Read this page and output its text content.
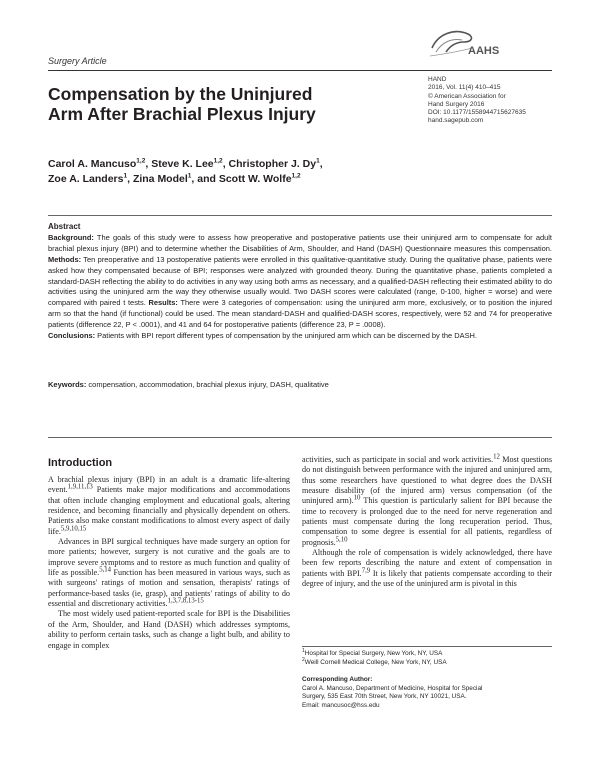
Surgery Article
AAHS
Compensation by the Uninjured
Arm After Brachial Plexus Injury
HAND
2016, Vol. 11(4) 410–415
© American Association for
Hand Surgery 2016
DOI: 10.1177/1558944715627635
hand.sagepub.com
Carol A. Mancuso$^{1,2}$, Steve K. Lee$^{1,2}$, Christopher J. Dy$^1$,
Zoe A. Landers$^1$, Zina Model$^1$, and Scott W. Wolfe$^{1,2}$
Abstract
Background: The goals of this study were to assess how preoperative and postoperative patients use their uninjured arm to compensate for adult brachial plexus injury (BPI) and to determine whether the Disabilities of Arm, Shoulder, and Hand (DASH) Questionnaire measures this compensation. Methods: Ten preoperative and 13 postoperative patients were enrolled in this qualitative-quantitative study. During the qualitative phase, patients were asked how they compensated because of BPI; responses were analyzed with grounded theory. During the quantitative phase, patients completed a standard-DASH reflecting the ability to do activities in any way using both arms as necessary, and a qualified-DASH reflecting their estimated ability to do activities using the uninjured arm the way they otherwise usually would. Two DASH scores were calculated (range, 0-100, higher = worse) and were compared with paired t tests. Results: There were 3 categories of compensation: using the uninjured arm more, exclusively, or to position the injured arm so that the hand (if functional) could be used. The mean standard-DASH and qualified-DASH scores, respectively, were 52 and 74 for preoperative patients (difference 22, P < .0001), and 41 and 64 for postoperative patients (difference 23, P = .0008).
Conclusions: Patients with BPI report different types of compensation by the uninjured arm which can be discerned by the DASH.
Keywords: compensation, accommodation, brachial plexus injury, DASH, qualitative
Introduction

A brachial plexus injury (BPI) in an adult is a dramatic life-altering event.$^{1,9,11,13}$ Patients make major modifications and accommodations that often include changing employment and educational goals, altering residence, and becoming financially and physically dependent on others. Patients also make constant modifications to almost every aspect of daily life.$^{5,9,10,15}$

Advances in BPI surgical techniques have made surgery an option for more patients; however, surgery is not curative and the goals are to improve severe symptoms and to restore as much function and quality of life as possible.$^{5,14}$ Function has been measured in various ways, such as with surgeons' ratings of motion and sensation, therapists' ratings of performance-based tasks (ie, grasp), and patients' ratings of ability to do essential and discretionary activities.$^{1,3,7,8,13-15}$

The most widely used patient-reported scale for BPI is the Disabilities of the Arm, Shoulder, and Hand (DASH) which addresses symptoms, ability to perform certain tasks, such as change a light bulb, and ability to engage in complex

activities, such as participate in social and work activities.$^{12}$ Most questions do not distinguish between performance with the injured and uninjured arm, thus some researchers have questioned to what degree does the DASH measure disability (of the injured arm) versus compensation (of the uninjured arm).$^{10}$ This question is particularly salient for BPI because the time to recovery is prolonged due to the need for nerve regeneration and patients must compensate during the long recuperation period. Thus, compensation to some degree is essential for all patients, regardless of prognosis.$^{5,10}$

Although the role of compensation is widely acknowledged, there have been few reports describing the nature and extent of compensation in patients with BPI.$^{7,9}$ It is likely that patients compensate according to their degree of injury, and the use of the uninjured arm is pivotal in this

$^1$Hospital for Special Surgery, New York, NY, USA
$^2$Weill Cornell Medical College, New York, NY, USA
Corresponding Author:
Carol A. Mancuso, Department of Medicine, Hospital for Special
Surgery, 535 East 70th Street, New York, NY 10021, USA.
Email: mancusoc@hss.edu
